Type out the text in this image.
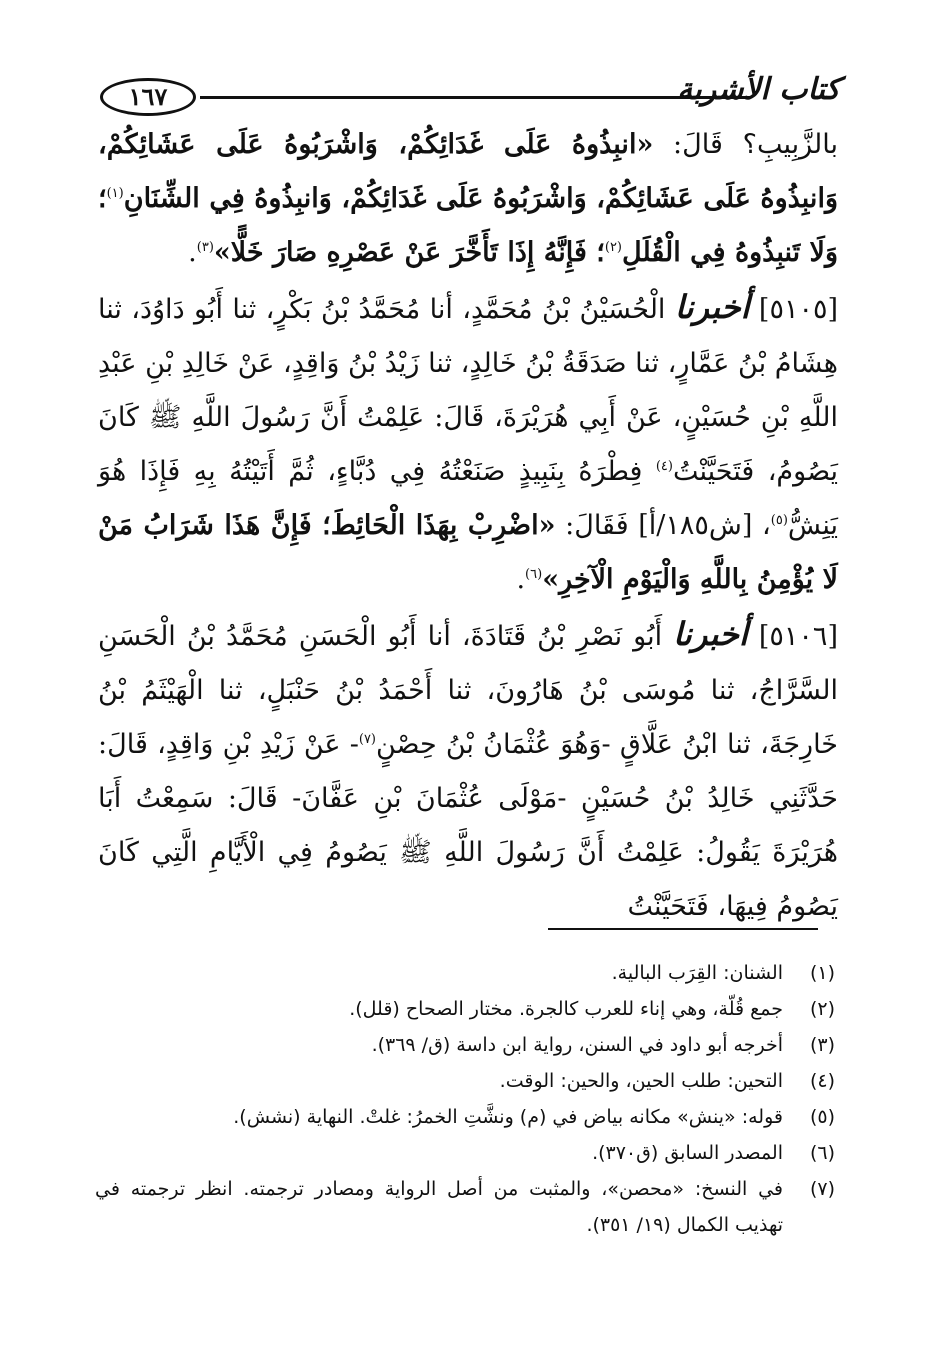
١٦٧	كتاب الأشربة

بالزَّبِيبِ؟ قَالَ: «انبِذُوهُ عَلَى غَدَائِكُمْ، وَاشْرَبُوهُ عَلَى عَشَائِكُمْ، وَانبِذُوهُ عَلَى عَشَائِكُمْ، وَاشْرَبُوهُ عَلَى غَدَائِكُمْ، وَانبِذُوهُ فِي الشِّنَانِ$^{(١)}$؛ وَلَا تَنبِذُوهُ فِي الْقُلَلِ$^{(٢)}$؛ فَإِنَّهُ إِذَا تَأَخَّرَ عَنْ عَصْرِهِ صَارَ خَلًّا»$^{(٣)}$.

[٥١٠٥] أخبرنا الْحُسَيْنُ بْنُ مُحَمَّدٍ، أنا مُحَمَّدُ بْنُ بَكْرٍ، ثنا أَبُو دَاوُدَ، ثنا هِشَامُ بْنُ عَمَّارٍ، ثنا صَدَقَةُ بْنُ خَالِدٍ، ثنا زَيْدُ بْنُ وَاقِدٍ، عَنْ خَالِدِ بْنِ عَبْدِ اللَّهِ بْنِ حُسَيْنٍ، عَنْ أَبِي هُرَيْرَةَ، قَالَ: عَلِمْتُ أَنَّ رَسُولَ اللَّهِ ﷺ كَانَ يَصُومُ، فَتَحَيَّنْتُ$^{(٤)}$ فِطْرَهُ بِنَبِيذٍ صَنَعْتُهُ فِي دُبَّاءٍ، ثُمَّ أَتَيْتُهُ بِهِ فَإِذَا هُوَ يَنِشُّ$^{(٥)}$، [ش١٨٥/أ] فَقَالَ: «اضْرِبْ بِهَذَا الْحَائِطَ؛ فَإِنَّ هَذَا شَرَابُ مَنْ لَا يُؤْمِنُ بِاللَّهِ وَالْيَوْمِ الْآخِرِ»$^{(٦)}$.

[٥١٠٦] أخبرنا أَبُو نَصْرِ بْنُ قَتَادَةَ، أنا أَبُو الْحَسَنِ مُحَمَّدُ بْنُ الْحَسَنِ السَّرَّاجُ، ثنا مُوسَى بْنُ هَارُونَ، ثنا أَحْمَدُ بْنُ حَنْبَلٍ، ثنا الْهَيْثَمُ بْنُ خَارِجَةَ، ثنا ابْنُ عَلَّاقٍ -وَهُوَ عُثْمَانُ بْنُ حِصْنٍ$^{(٧)}$- عَنْ زَيْدِ بْنِ وَاقِدٍ، قَالَ: حَدَّثَنِي خَالِدُ بْنُ حُسَيْنٍ -مَوْلَى عُثْمَانَ بْنِ عَفَّانَ- قَالَ: سَمِعْتُ أَبَا هُرَيْرَةَ يَقُولُ: عَلِمْتُ أَنَّ رَسُولَ اللَّهِ ﷺ يَصُومُ فِي الْأَيَّامِ الَّتِي كَانَ يَصُومُ فِيهَا، فَتَحَيَّنْتُ

(١)
الشنان: القِرَب البالية.
(٢)
جمع قُلّة، وهي إناء للعرب كالجرة. مختار الصحاح (قلل).
(٣)
أخرجه أبو داود في السنن، رواية ابن داسة (ق/ ٣٦٩).
(٤)
التحين: طلب الحين، والحين: الوقت.
(٥)
قوله: «ينش» مكانه بياض في (م) ونشَّتِ الخمرُ: غلتْ. النهاية (نشش).
(٦)
المصدر السابق (ق٣٧٠).
(٧)
في النسخ: «محصن»، والمثبت من أصل الرواية ومصادر ترجمته. انظر ترجمته في تهذيب الكمال (١٩/ ٣٥١).
